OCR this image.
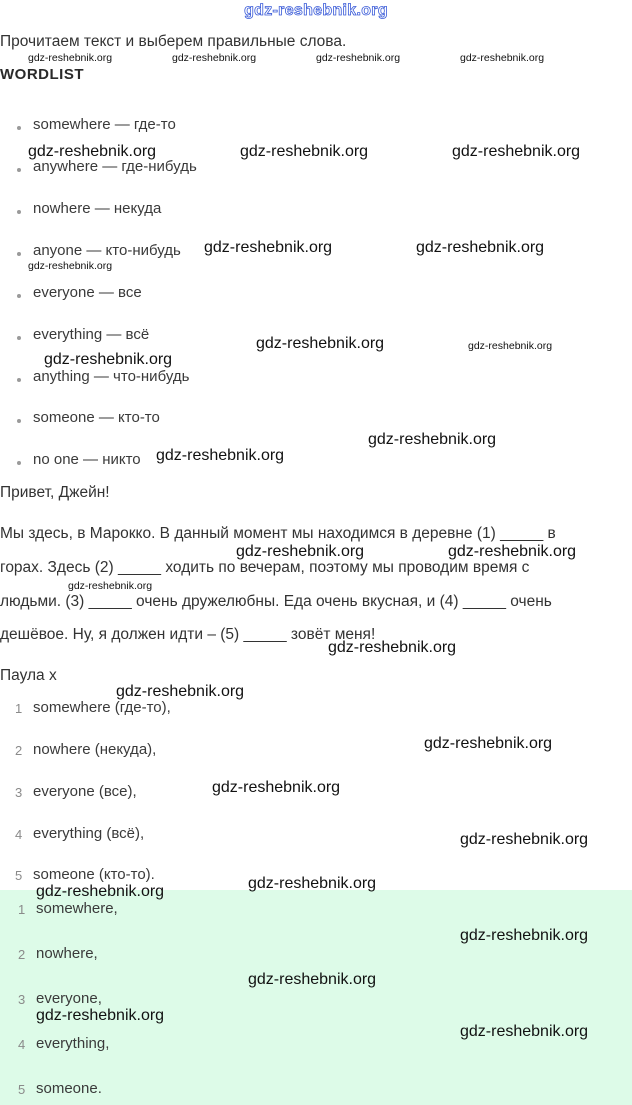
gdz-reshebnik.org
Прочитаем текст и выберем правильные слова.
WORDLIST
somewhere — где-то
anywhere — где-нибудь
nowhere — некуда
anyone — кто-нибудь
everyone — все
everything — всё
anything — что-нибудь
someone — кто-то
no one — никто
Привет, Джейн!
Мы здесь, в Марокко. В данный момент мы находимся в деревне (1) _____ в
горах. Здесь (2) _____ ходить по вечерам, поэтому мы проводим время с
людьми. (3) _____ очень дружелюбны. Еда очень вкусная, и (4) _____ очень
дешёвое. Ну, я должен идти – (5) _____ зовёт меня!
Паула х
1 somewhere (где-то),
2 nowhere (некуда),
3 everyone (все),
4 everything (всё),
5 someone (кто-то).
1 somewhere,
2 nowhere,
3 everyone,
4 everything,
5 someone.
gdz-reshebnik.org	gdz-reshebnik.org	gdz-reshebnik.org	gdz-reshebnik.org
gdz-reshebnik.org	gdz-reshebnik.org	gdz-reshebnik.org
gdz-reshebnik.org	gdz-reshebnik.org
gdz-reshebnik.org
gdz-reshebnik.org	gdz-reshebnik.org
gdz-reshebnik.org
gdz-reshebnik.org
gdz-reshebnik.org
gdz-reshebnik.org	gdz-reshebnik.org
gdz-reshebnik.org
gdz-reshebnik.org
gdz-reshebnik.org
gdz-reshebnik.org
gdz-reshebnik.org
gdz-reshebnik.org
gdz-reshebnik.org
gdz-reshebnik.org
gdz-reshebnik.org
gdz-reshebnik.org
gdz-reshebnik.org
gdz-reshebnik.org
